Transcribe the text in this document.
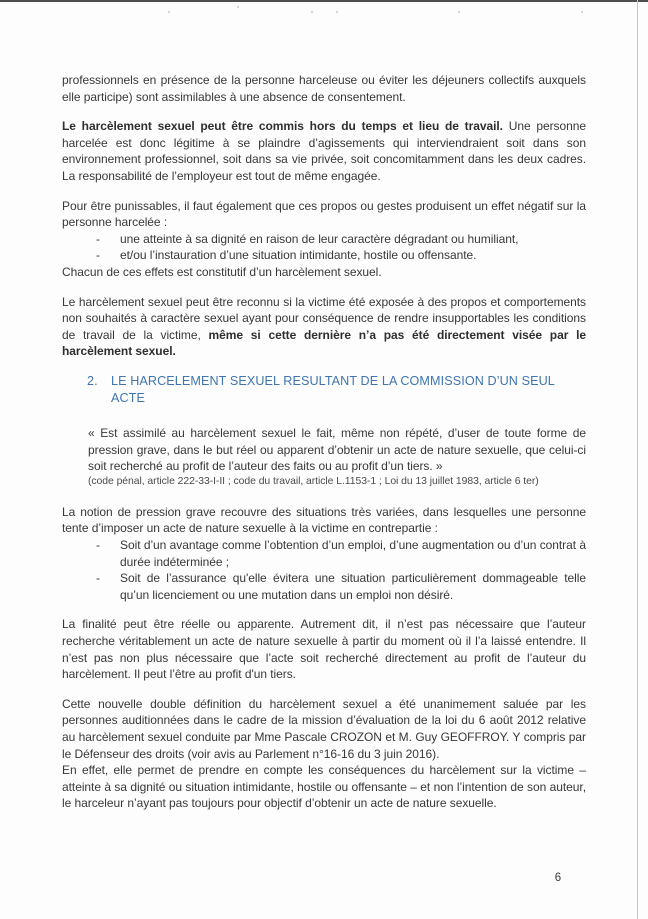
professionnels en présence de la personne harceleuse ou éviter les déjeuners collectifs auxquels elle participe) sont assimilables à une absence de consentement.

Le harcèlement sexuel peut être commis hors du temps et lieu de travail. Une personne harcelée est donc légitime à se plaindre d’agissements qui interviendraient soit dans son environnement professionnel, soit dans sa vie privée, soit concomitamment dans les deux cadres. La responsabilité de l’employeur est tout de même engagée.

Pour être punissables, il faut également que ces propos ou gestes produisent un effet négatif sur la personne harcelée :

-	une atteinte à sa dignité en raison de leur caractère dégradant ou humiliant,
-	et/ou l’instauration d’une situation intimidante, hostile ou offensante.

Chacun de ces effets est constitutif d’un harcèlement sexuel.

Le harcèlement sexuel peut être reconnu si la victime été exposée à des propos et comportements non souhaités à caractère sexuel ayant pour conséquence de rendre insupportables les conditions de travail de la victime, même si cette dernière n’a pas été directement visée par le harcèlement sexuel.

2.	LE HARCELEMENT SEXUEL RESULTANT DE LA COMMISSION D’UN SEUL ACTE

« Est assimilé au harcèlement sexuel le fait, même non répété, d’user de toute forme de pression grave, dans le but réel ou apparent d’obtenir un acte de nature sexuelle, que celui-ci soit recherché au profit de l’auteur des faits ou au profit d’un tiers. »

(code pénal, article 222-33-I-II ; code du travail, article L.1153-1 ; Loi du 13 juillet 1983, article 6 ter)

La notion de pression grave recouvre des situations très variées, dans lesquelles une personne tente d’imposer un acte de nature sexuelle à la victime en contrepartie :

-	Soit d’un avantage comme l’obtention d’un emploi, d’une augmentation ou d’un contrat à durée indéterminée ;
-	Soit de l’assurance qu'elle évitera une situation particulièrement dommageable telle qu’un licenciement ou une mutation dans un emploi non désiré.

La finalité peut être réelle ou apparente. Autrement dit, il n’est pas nécessaire que l’auteur recherche véritablement un acte de nature sexuelle à partir du moment où il l’a laissé entendre. Il n’est pas non plus nécessaire que l’acte soit recherché directement au profit de l’auteur du harcèlement. Il peut l’être au profit d'un tiers.

Cette nouvelle double définition du harcèlement sexuel a été unanimement saluée par les personnes auditionnées dans le cadre de la mission d’évaluation de la loi du 6 août 2012 relative au harcèlement sexuel conduite par Mme Pascale CROZON et M. Guy GEOFFROY. Y compris par le Défenseur des droits (voir avis au Parlement n°16-16 du 3 juin 2016).

En effet, elle permet de prendre en compte les conséquences du harcèlement sur la victime – atteinte à sa dignité ou situation intimidante, hostile ou offensante – et non l’intention de son auteur, le harceleur n’ayant pas toujours pour objectif d’obtenir un acte de nature sexuelle.

6
